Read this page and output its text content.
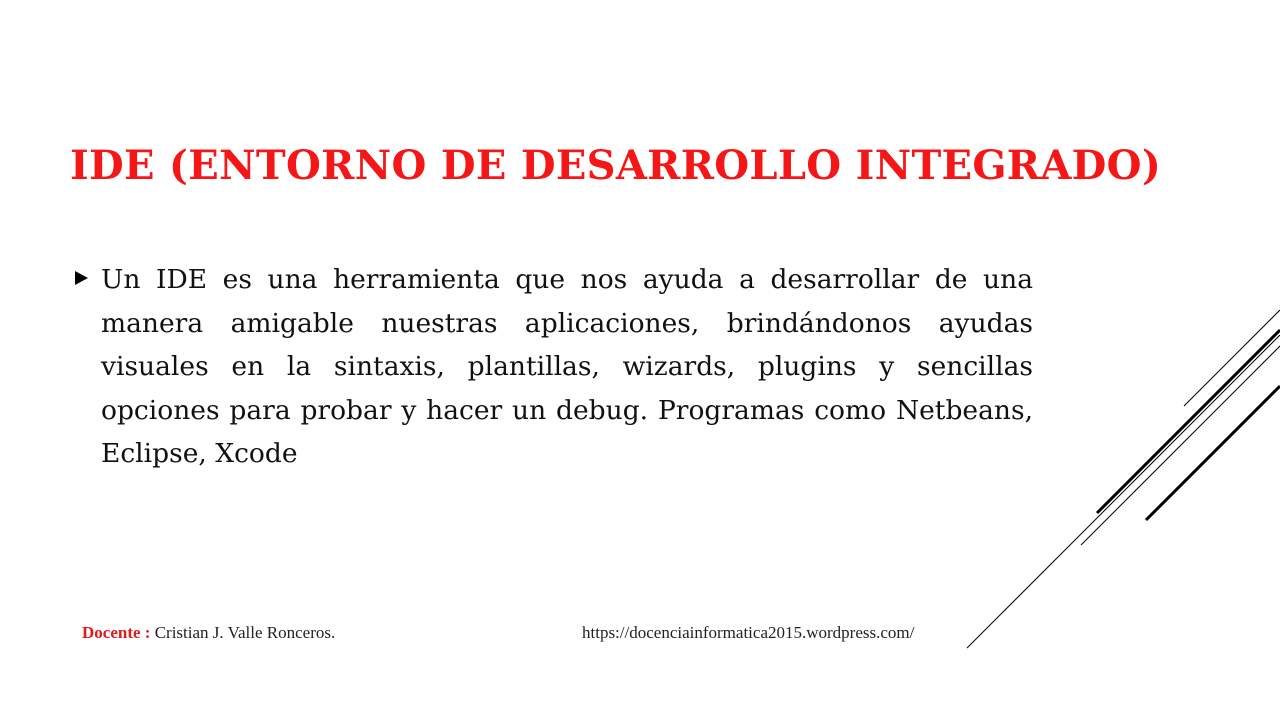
IDE (ENTORNO DE DESARROLLO INTEGRADO)

Un IDE es una herramienta que nos ayuda a desarrollar de una manera amigable nuestras aplicaciones, brindándonos ayudas visuales en la sintaxis, plantillas, wizards, plugins y sencillas opciones para probar y hacer un debug. Programas como Netbeans, Eclipse, Xcode

Docente : Cristian J. Valle Ronceros.	https://docenciainformatica2015.wordpress.com/
